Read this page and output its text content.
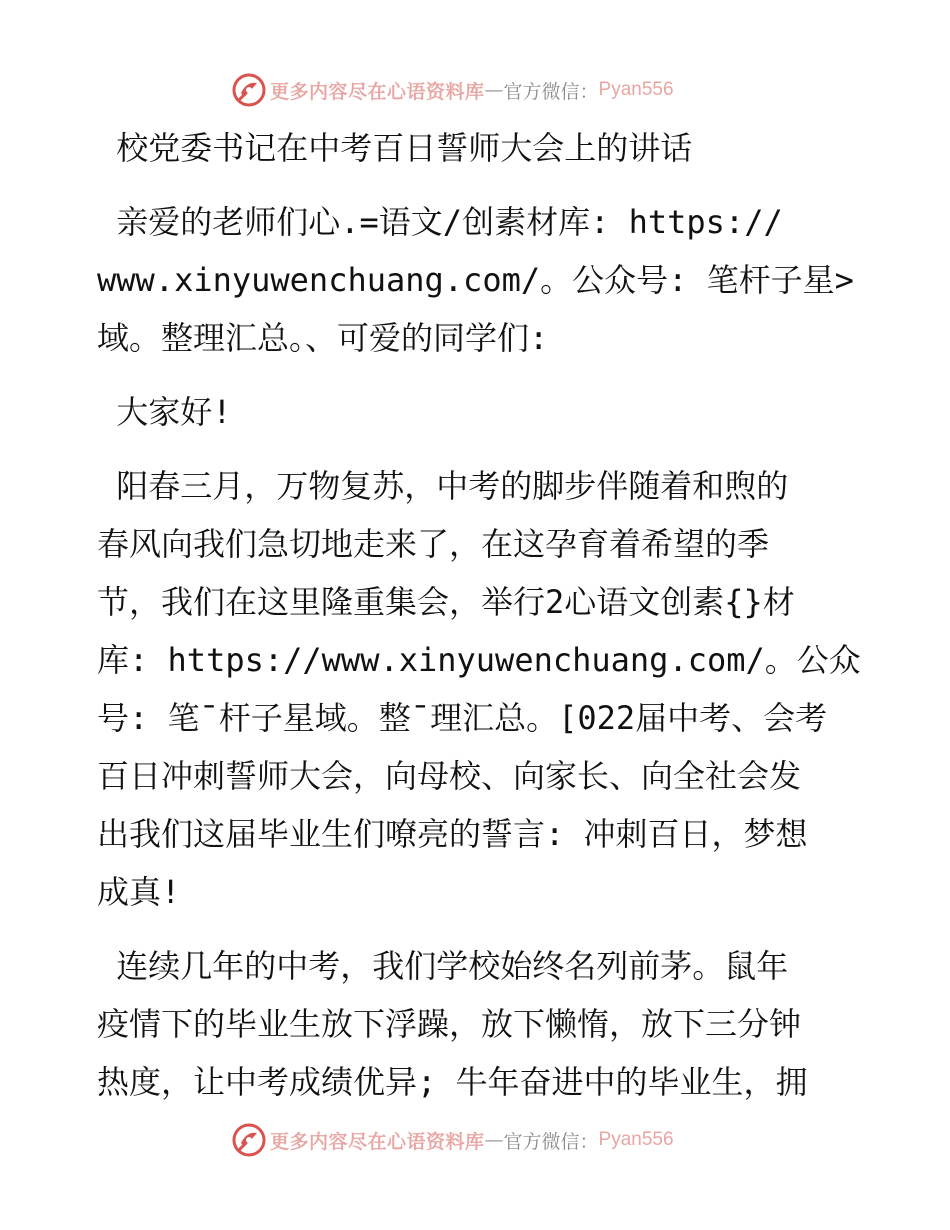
更多内容尽在心语资料库 — 官方微信： Pyan556
校党委书记在中考百日誓师大会上的讲话
亲爱的老师们心.=语文/创素材库: https://
www.xinyuwenchuang.com/。公众号: 笔杆子星>
域。整理汇总。、可爱的同学们:
大家好!
阳春三月，万物复苏，中考的脚步伴随着和煦的
春风向我们急切地走来了，在这孕育着希望的季
节，我们在这里隆重集会，举行2心语文创素{}材
库: https://www.xinyuwenchuang.com/。公众
号: 笔¯杆子星域。整¯理汇总。[022届中考、会考
百日冲刺誓师大会，向母校、向家长、向全社会发
出我们这届毕业生们嘹亮的誓言: 冲刺百日，梦想
成真!
连续几年的中考，我们学校始终名列前茅。鼠年
疫情下的毕业生放下浮躁，放下懒惰，放下三分钟
热度，让中考成绩优异; 牛年奋进中的毕业生，拥
更多内容尽在心语资料库 — 官方微信： Pyan556
